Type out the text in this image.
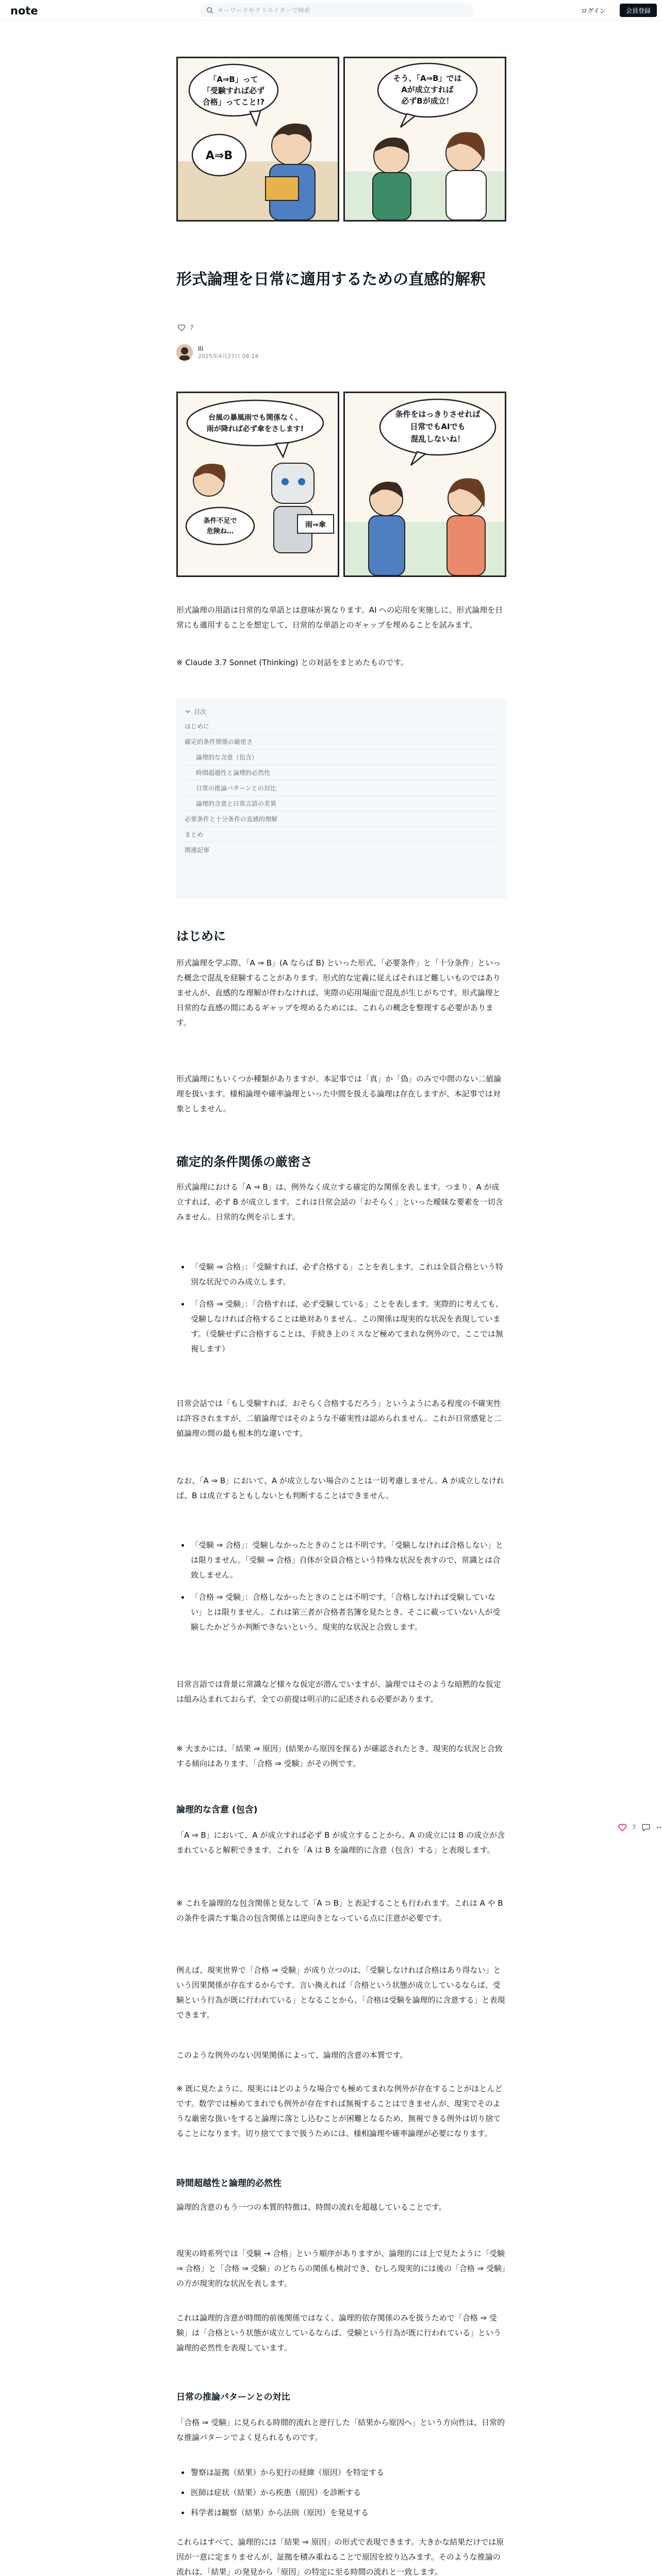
note
キーワードやクリエイターで検索	ログイン	会員登録
「A⇒B」って
「受験すれば必ず
合格」ってこと!?
A⇒B
そう、「A⇒B」では
Aが成立すれば
必ずBが成立！
形式論理を日常に適用するための直感的解釈
7
Ili
2025年4月27日 08:14
台風の暴風雨でも関係なく、
雨が降れば必ず傘をさします!
雨⇒傘
条件不足で
危険ね…
条件をはっきりさせれば
日常でもAIでも
混乱しないね！

形式論理の用語は日常的な単語とは意味が異なります。AI への応用を実施しに、形式論理を日常にも適用することを想定して、日常的な単語とのギャップを埋めることを試みます。

※ Claude 3.7 Sonnet (Thinking) との対話をまとめたものです。

目次
はじめに
確定的条件関係の厳密さ
論理的な含意（包含）
時間超越性と論理的必然性
日常の推論パターンとの対比
論理的含意と日常言語の差異
必要条件と十分条件の直感的理解
まとめ
関連記事
はじめに

形式論理を学ぶ際、「A ⇒ B」(A ならば B) といった形式、「必要条件」と「十分条件」といった概念で混乱を経験することがあります。形式的な定義に従えばそれほど難しいものではありませんが、直感的な理解が伴わなければ、実際の応用場面で混乱が生じがちです。形式論理と日常的な直感の間にあるギャップを埋めるためには、これらの概念を整理する必要があります。

形式論理にもいくつか種類がありますが、本記事では「真」か「偽」のみで中間のない二値論理を扱います。様相論理や確率論理といった中間を扱える論理は存在しますが、本記事では対象としません。

確定的条件関係の厳密さ

形式論理における「A ⇒ B」は、例外なく成立する確定的な関係を表します。つまり、A が成立すれば、必ず B が成立します。これは日常会話の「おそらく」といった曖昧な要素を一切含みません。日常的な例を示します。

「受験 ⇒ 合格」：「受験すれば、必ず合格する」ことを表します。これは全員合格という特別な状況でのみ成立します。
「合格 ⇒ 受験」：「合格すれば、必ず受験している」ことを表します。実際的に考えても、受験しなければ合格することは絶対ありません。この関係は現実的な状況を表現しています。（受験せずに合格することは、手続き上のミスなど極めてまれな例外ので、ここでは無視します）

日常会話では「もし受験すれば、おそらく合格するだろう」というようにある程度の不確実性は許容されますが、二値論理ではそのような不確実性は認められません。これが日常感覚と二値論理の間の最も根本的な違いです。

なお、「A ⇒ B」において、A が成立しない場合のことは一切考慮しません。A が成立しなければ、B は成立するともしないとも判断することはできません。

「受験 ⇒ 合格」：受験しなかったときのことは不明です。「受験しなければ合格しない」とは限りません。「受験 ⇒ 合格」自体が全員合格という特殊な状況を表すので、常識とは合致しません。
「合格 ⇒ 受験」：合格しなかったときのことは不明です。「合格しなければ受験していない」とは限りません。これは第三者が合格者名簿を見たとき、そこに載っていない人が受験したかどうか判断できないという、現実的な状況と合致します。

日常言語では背景に常識など様々な仮定が潜んでいますが、論理ではそのような暗黙的な仮定は組み込まれておらず、全ての前提は明示的に記述される必要があります。

※ 大まかには、「結果 ⇒ 原因」(結果から原因を探る) が確認されたとき、現実的な状況と合致する傾向はあります。「合格 ⇒ 受験」がその例です。

論理的な含意 (包含)

「A ⇒ B」において、A が成立すれば必ず B が成立することから、A の成立には B の成立が含まれていると解釈できます。これを「A は B を論理的に含意（包含）する」と表現します。

※ これを論理的な包含関係と見なして「A ⊃ B」と表記することも行われます。これは A や B の条件を満たす集合の包含関係とは逆向きとなっている点に注意が必要です。

例えば、現実世界で「合格 ⇒ 受験」が成り立つのは、「受験しなければ合格はあり得ない」という因果関係が存在するからです。言い換えれば「合格という状態が成立しているならば、受験という行為が既に行われている」となることから、「合格は受験を論理的に含意する」と表現できます。

このような例外のない因果関係によって、論理的含意の本質です。

※ 既に見たように、現実にはどのような場合でも極めてまれな例外が存在することがほとんどです。数学では極めてまれでも例外が存在すれば無視することはできませんが、現実でそのような厳密な扱いをすると論理に落とし込むことが困難となるため、無視できる例外は切り捨てることになります。切り捨ててまで扱うためには、様相論理や確率論理が必要になります。

時間超越性と論理的必然性

論理的含意のもう一つの本質的特徴は、時間の流れを超越していることです。

現実の時系列では「受験 → 合格」という順序がありますが、論理的には上で見たように「受験 ⇒ 合格」と「合格 ⇒ 受験」のどちらの関係も検討でき、むしろ現実的には後の「合格 ⇒ 受験」の方が現実的な状況を表します。

これは論理的含意が時間的前後関係ではなく、論理的依存関係のみを扱うためで「合格 ⇒ 受験」は「合格という状態が成立しているならば、受験という行為が既に行われている」という論理的必然性を表現しています。

日常の推論パターンとの対比

「合格 ⇒ 受験」に見られる時間的流れと逆行した「結果から原因へ」という方向性は、日常的な推論パターンでよく見られるものです。

警察は証拠（結果）から犯行の経緯（原因）を特定する
医師は症状（結果）から疾患（原因）を診断する
科学者は観察（結果）から法則（原因）を発見する

これらはすべて、論理的には「結果 ⇒ 原因」の形式で表現できます。大きかな結果だけでは原因が一意に定まりませんが、証拠を積み重ねることで原因を絞り込みます。そのような推論の流れは、「結果」の発見から「原因」の特定に至る時間の流れと一致します。

7
